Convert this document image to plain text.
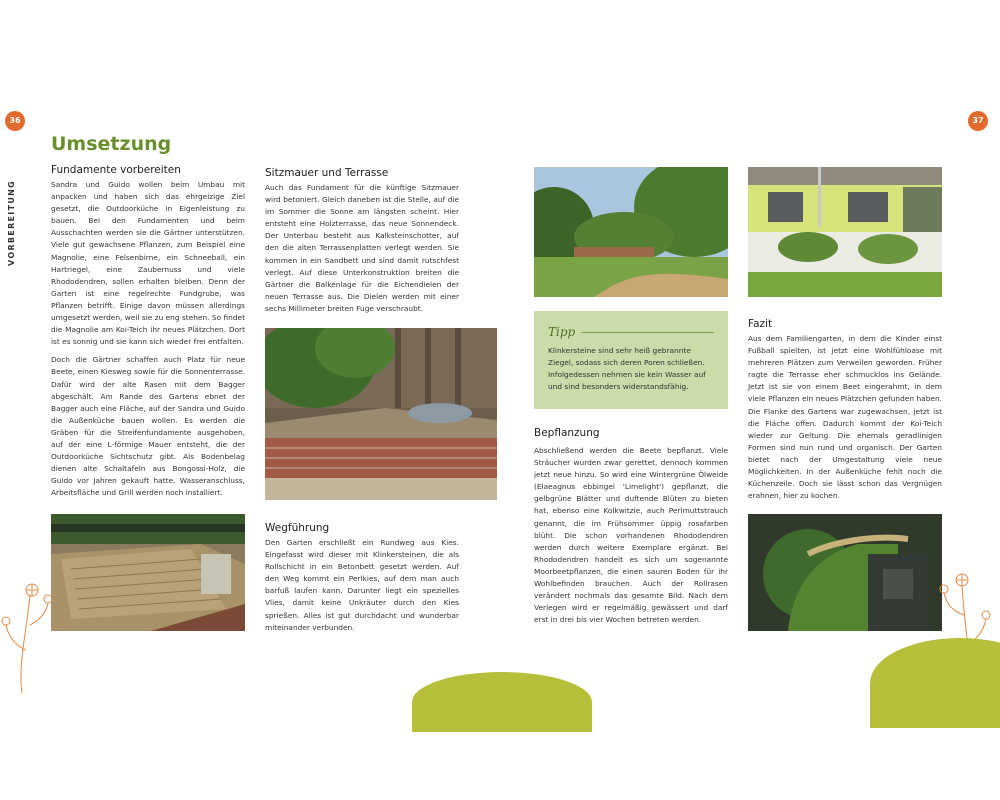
36	37
VORBEREITUNG
Umsetzung
Fundamente vorbereiten

Sandra und Guido wollen beim Umbau mit anpacken und haben sich das ehrgeizige Ziel gesetzt, die Outdoorküche in Eigenleistung zu bauen. Bei den Fundamenten und beim Ausschachten werden sie die Gärtner unterstützen. Viele gut gewachsene Pflanzen, zum Beispiel eine Magnolie, eine Felsenbirne, ein Schneeball, ein Hartriegel, eine Zaubernuss und viele Rhododendren, sollen erhalten bleiben. Denn der Garten ist eine regelrechte Fundgrube, was Pflanzen betrifft. Einige davon müssen allerdings umgesetzt werden, weil sie zu eng stehen. So findet die Magnolie am Koi-Teich ihr neues Plätzchen. Dort ist es sonnig und sie kann sich wieder frei entfalten.

Doch die Gärtner schaffen auch Platz für neue Beete, einen Kiesweg sowie für die Sonnenterrasse. Dafür wird der alte Rasen mit dem Bagger abgeschält. Am Rande des Gartens ebnet der Bagger auch eine Fläche, auf der Sandra und Guido die Außenküche bauen wollen. Es werden die Gräben für die Streifenfundamente ausgehoben, auf der eine L-förmige Mauer entsteht, die der Outdoorküche Sichtschutz gibt. Als Bodenbelag dienen alte Schaltafeln aus Bongossi-Holz, die Guido vor Jahren gekauft hatte. Wasseranschluss, Arbeitsfläche und Grill werden noch installiert.

Sitzmauer und Terrasse

Auch das Fundament für die künftige Sitzmauer wird betoniert. Gleich daneben ist die Stelle, auf die im Sommer die Sonne am längsten scheint. Hier entsteht eine Holzterrasse, das neue Sonnendeck. Der Unterbau besteht aus Kalksteinschotter, auf den die alten Terrassenplatten verlegt werden. Sie kommen in ein Sandbett und sind damit rutschfest verlegt. Auf diese Unterkonstruktion breiten die Gärtner die Balkenlage für die Eichendielen der neuen Terrasse aus. Die Dielen werden mit einer sechs Millimeter breiten Fuge verschraubt.

Wegführung

Den Garten erschließt ein Rundweg aus Kies. Eingefasst wird dieser mit Klinkersteinen, die als Rollschicht in ein Betonbett gesetzt werden. Auf den Weg kommt ein Perlkies, auf dem man auch barfuß laufen kann. Darunter liegt ein spezielles Vlies, damit keine Unkräuter durch den Kies sprießen. Alles ist gut durchdacht und wunderbar miteinander verbunden.

Tipp

Klinkersteine sind sehr heiß gebrannte Ziegel, sodass sich deren Poren schließen. Infolgedessen nehmen sie kein Wasser auf und sind besonders widerstandsfähig.

Bepflanzung

Abschließend werden die Beete bepflanzt. Viele Sträucher wurden zwar gerettet, dennoch kommen jetzt neue hinzu. So wird eine Wintergrüne Ölweide (Elaeagnus ebbingei 'Limelight') gepflanzt, die gelbgrüne Blätter und duftende Blüten zu bieten hat, ebenso eine Kolkwitzie, auch Perlmuttstrauch genannt, die im Frühsommer üppig rosafarben blüht. Die schon vorhandenen Rhododendren werden durch weitere Exemplare ergänzt. Bei Rhododendren handelt es sich um sogenannte Moorbeetpflanzen, die einen sauren Boden für ihr Wohlbefinden brauchen. Auch der Rollrasen verändert nochmals das gesamte Bild. Nach dem Verlegen wird er regelmäßig gewässert und darf erst in drei bis vier Wochen betreten werden.

Fazit

Aus dem Familiengarten, in dem die Kinder einst Fußball spielten, ist jetzt eine Wohlfühloase mit mehreren Plätzen zum Verweilen geworden. Früher ragte die Terrasse eher schmucklos ins Gelände. Jetzt ist sie von einem Beet eingerahmt, in dem viele Pflanzen ein neues Plätzchen gefunden haben. Die Flanke des Gartens war zugewachsen, jetzt ist die Fläche offen. Dadurch kommt der Koi-Teich wieder zur Geltung. Die ehemals geradlinigen Formen sind nun rund und organisch. Der Garten bietet nach der Umgestaltung viele neue Möglichkeiten. In der Außenküche fehlt noch die Küchenzeile. Doch sie lässt schon das Vergnügen erahnen, hier zu kochen.
